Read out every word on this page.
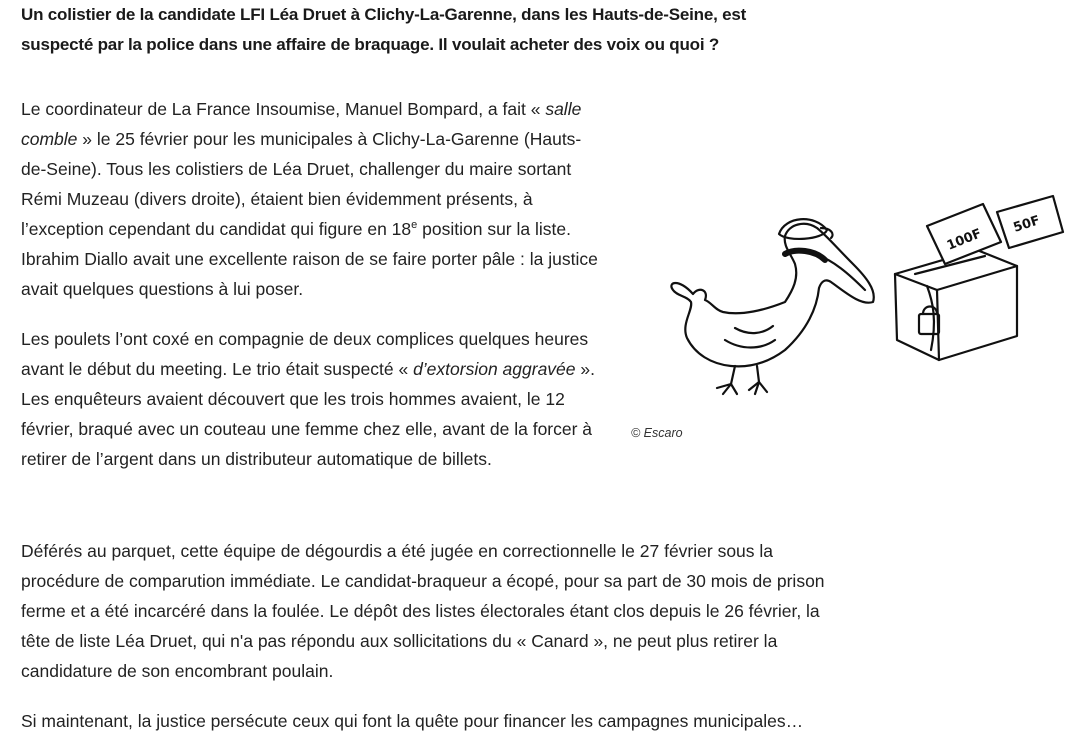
Un colistier de la candidate LFI Léa Druet à Clichy-La-Garenne, dans les Hauts-de-Seine, est suspecté par la police dans une affaire de braquage. Il voulait acheter des voix ou quoi ?

Le coordinateur de La France Insoumise, Manuel Bompard, a fait « salle comble » le 25 février pour les municipales à Clichy-La-Garenne (Hauts-de-Seine). Tous les colistiers de Léa Druet, challenger du maire sortant Rémi Muzeau (divers droite), étaient bien évidemment présents, à l’exception cependant du candidat qui figure en 18e position sur la liste. Ibrahim Diallo avait une excellente raison de se faire porter pâle : la justice avait quelques questions à lui poser.

Les poulets l’ont coxé en compagnie de deux complices quelques heures avant le début du meeting. Le trio était suspecté « d’extorsion aggravée ». Les enquêteurs avaient découvert que les trois hommes avaient, le 12 février, braqué avec un couteau une femme chez elle, avant de la forcer à retirer de l’argent dans un distributeur automatique de billets.

Déférés au parquet, cette équipe de dégourdis a été jugée en correctionnelle le 27 février sous la procédure de comparution immédiate. Le candidat-braqueur a écopé, pour sa part de 30 mois de prison ferme et a été incarcéré dans la foulée. Le dépôt des listes électorales étant clos depuis le 26 février, la tête de liste Léa Druet, qui n'a pas répondu aux sollicitations du « Canard », ne peut plus retirer la candidature de son encombrant poulain.

Si maintenant, la justice persécute ceux qui font la quête pour financer les campagnes municipales…

100F
50F
© Escaro
